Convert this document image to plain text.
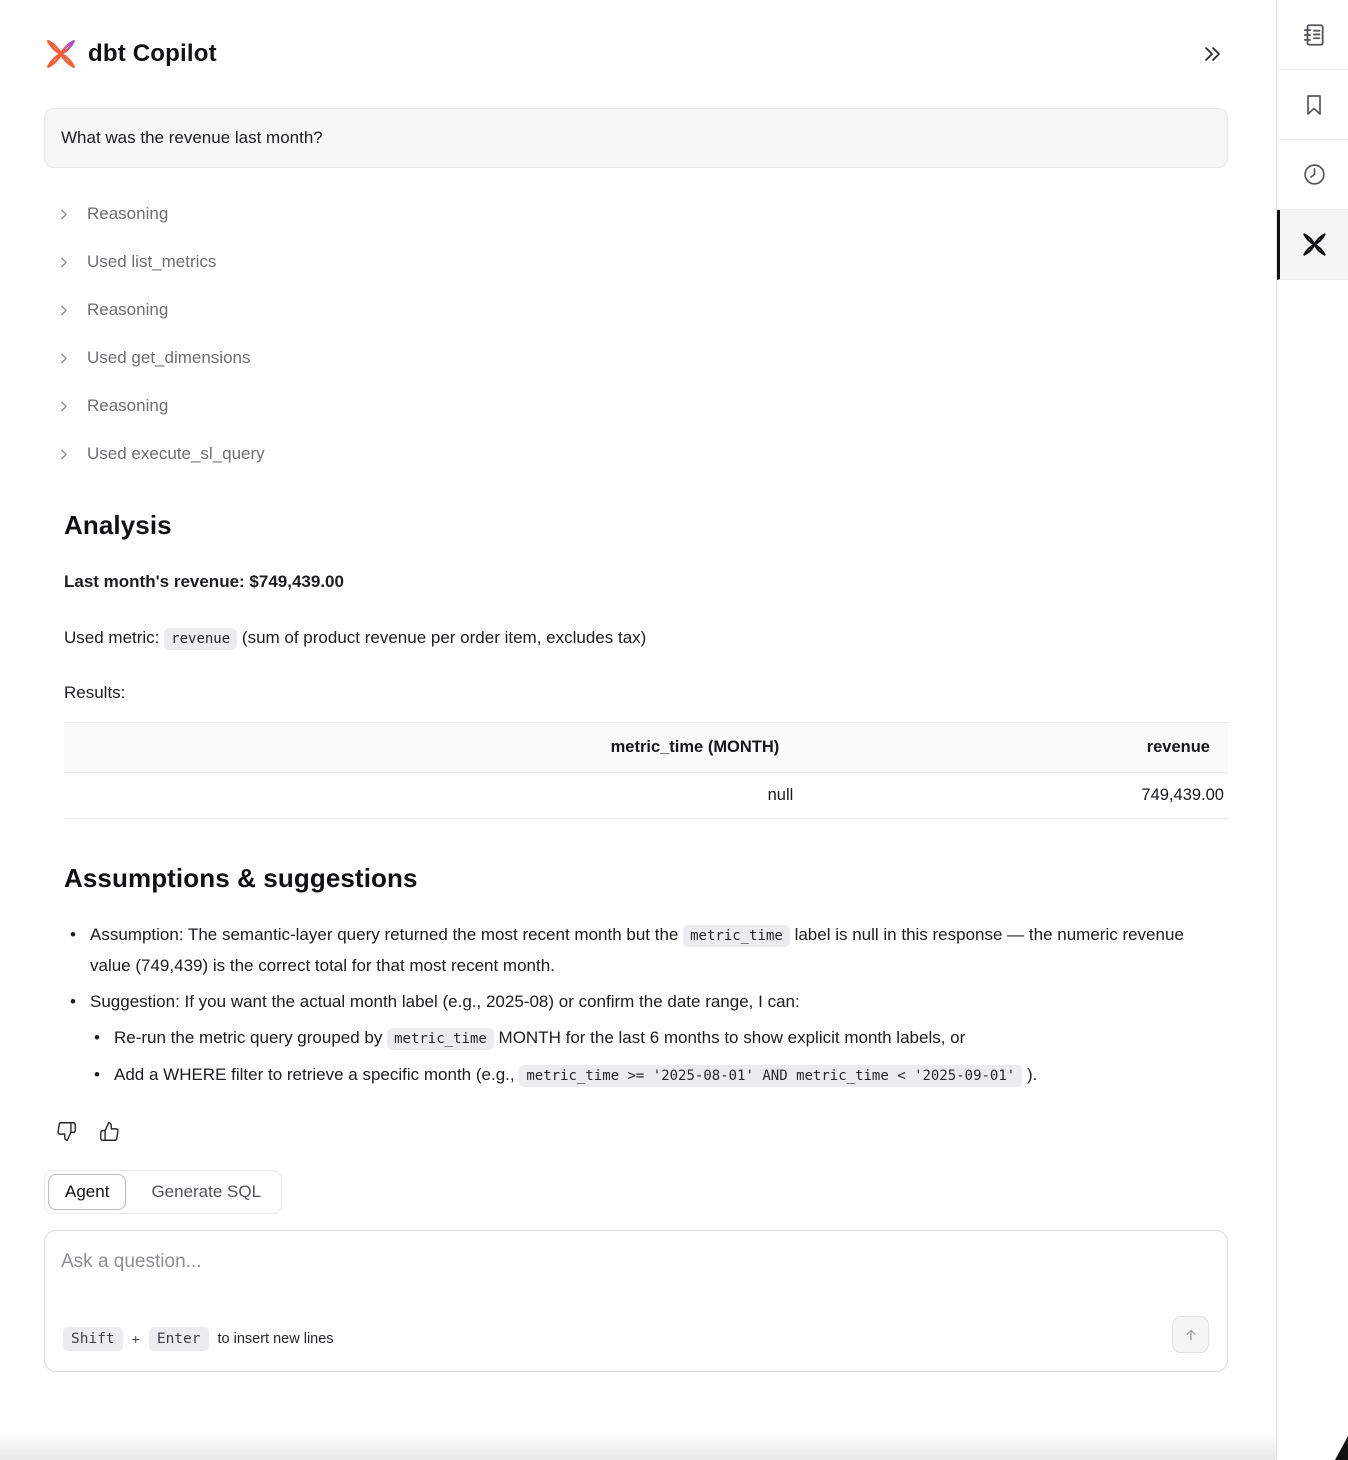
dbt Copilot
What was the revenue last month?
Reasoning
Used list_metrics
Reasoning
Used get_dimensions
Reasoning
Used execute_sl_query
Analysis

Last month's revenue: $749,439.00

Used metric: revenue (sum of product revenue per order item, excludes tax)

Results:

metric_time (MONTH)	revenue
null	749,439.00
Assumptions & suggestions
• Assumption: The semantic-layer query returned the most recent month but the metric_time label is null in this response — the numeric revenue value (749,439) is the correct total for that most recent month.
• Suggestion: If you want the actual month label (e.g., 2025-08) or confirm the date range, I can:
• Re-run the metric query grouped by metric_time MONTH for the last 6 months to show explicit month labels, or
• Add a WHERE filter to retrieve a specific month (e.g., metric_time >= '2025-08-01' AND metric_time < '2025-09-01' ).
Agent	Generate SQL
Ask a question...
Shift	+	Enter	to insert new lines
